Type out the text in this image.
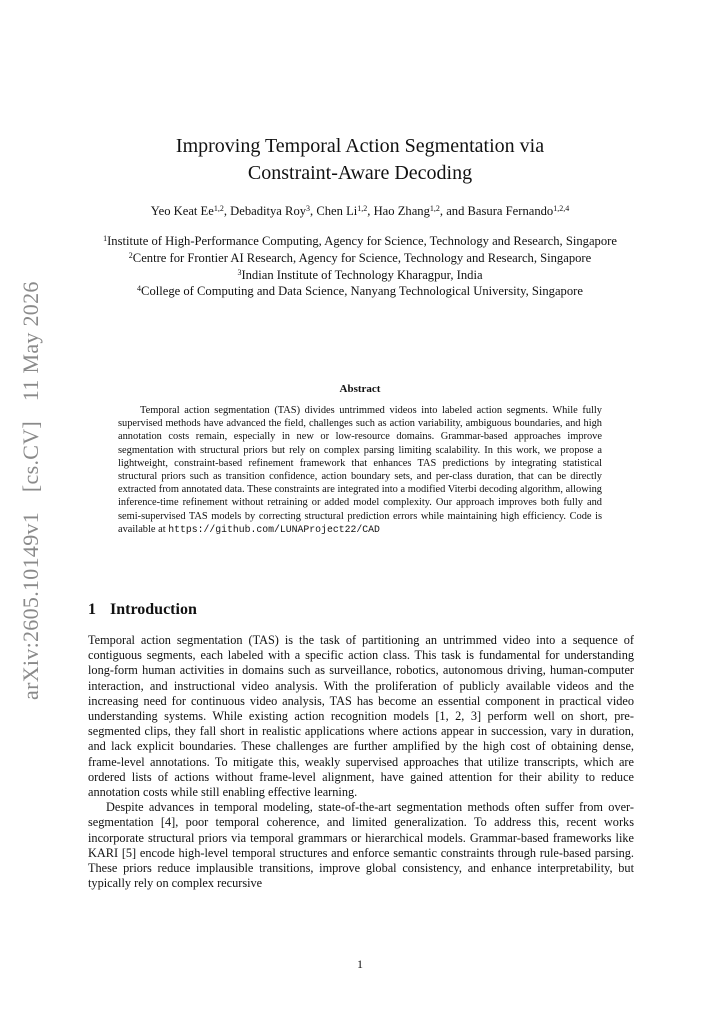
arXiv:2605.10149v1 [cs.CV] 11 May 2026
Improving Temporal Action Segmentation via
Constraint-Aware Decoding
Yeo Keat Ee$^{1,2}$, Debaditya Roy$^3$, Chen Li$^{1,2}$, Hao Zhang$^{1,2}$, and Basura Fernando$^{1,2,4}$
$^1$Institute of High-Performance Computing, Agency for Science, Technology and Research, Singapore
$^2$Centre for Frontier AI Research, Agency for Science, Technology and Research, Singapore
$^3$Indian Institute of Technology Kharagpur, India
$^4$College of Computing and Data Science, Nanyang Technological University, Singapore
Abstract
Temporal action segmentation (TAS) divides untrimmed videos into labeled action segments. While fully supervised methods have advanced the field, challenges such as action variability, ambiguous boundaries, and high annotation costs remain, especially in new or low-resource domains. Grammar-based approaches improve segmentation with structural priors but rely on complex parsing limiting scalability. In this work, we propose a lightweight, constraint-based refinement framework that enhances TAS predictions by integrating statistical structural priors such as transition confidence, action boundary sets, and per-class duration, that can be directly extracted from annotated data. These constraints are integrated into a modified Viterbi decoding algorithm, allowing inference-time refinement without retraining or added model complexity. Our approach improves both fully and semi-supervised TAS models by correcting structural prediction errors while maintaining high efficiency. Code is available at https://github.com/LUNAProject22/CAD
1 Introduction

Temporal action segmentation (TAS) is the task of partitioning an untrimmed video into a sequence of contiguous segments, each labeled with a specific action class. This task is fundamental for understanding long-form human activities in domains such as surveillance, robotics, autonomous driving, human-computer interaction, and instructional video analysis. With the proliferation of publicly available videos and the increasing need for continuous video analysis, TAS has become an essential component in practical video understanding systems. While existing action recognition models [1, 2, 3] perform well on short, pre-segmented clips, they fall short in realistic applications where actions appear in succession, vary in duration, and lack explicit boundaries. These challenges are further amplified by the high cost of obtaining dense, frame-level annotations. To mitigate this, weakly supervised approaches that utilize transcripts, which are ordered lists of actions without frame-level alignment, have gained attention for their ability to reduce annotation costs while still enabling effective learning.

Despite advances in temporal modeling, state-of-the-art segmentation methods often suffer from over-segmentation [4], poor temporal coherence, and limited generalization. To address this, recent works incorporate structural priors via temporal grammars or hierarchical models. Grammar-based frameworks like KARI [5] encode high-level temporal structures and enforce semantic constraints through rule-based parsing. These priors reduce implausible transitions, improve global consistency, and enhance interpretability, but typically rely on complex recursive

1
